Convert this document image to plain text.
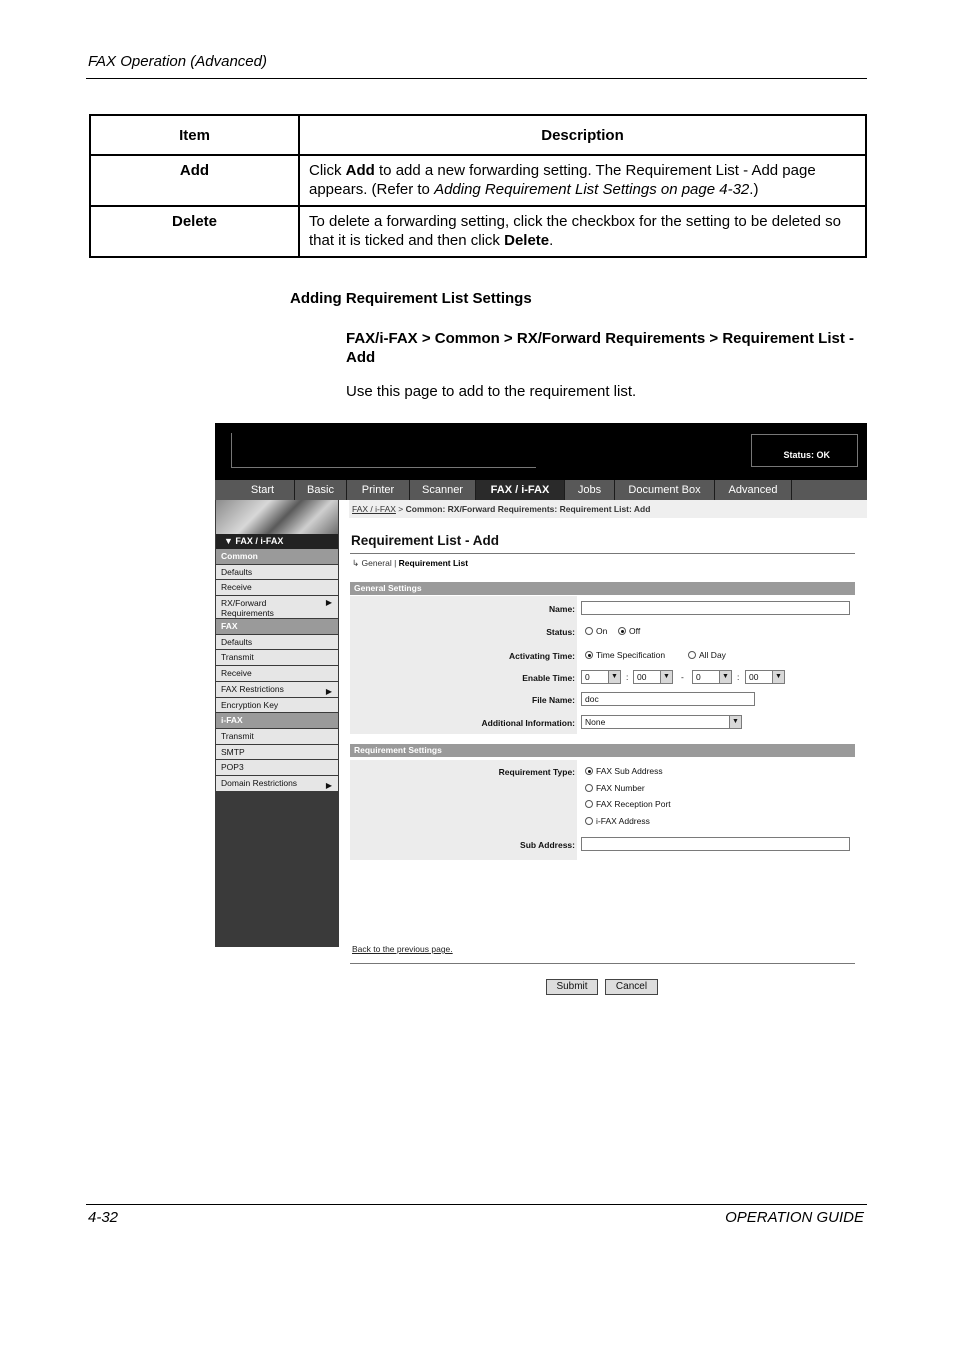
FAX Operation (Advanced)
Item	Description
Add	Click Add to add a new forwarding setting. The Requirement List - Add page appears. (Refer to Adding Requirement List Settings on page 4-32.)
Delete	To delete a forwarding setting, click the checkbox for the setting to be deleted so that it is ticked and then click Delete.
Adding Requirement List Settings
FAX/i-FAX > Common > RX/Forward Requirements > Requirement List - Add
Use this page to add to the requirement list.
Status: OK
Start	Basic	Printer	Scanner	FAX / i-FAX	Jobs	Document Box	Advanced
▼ FAX / i-FAX
Common
Defaults
Receive
RX/Forward Requirements
▶
FAX
Defaults
Transmit
Receive
FAX Restrictions	▶
Encryption Key
i-FAX
Transmit
SMTP
POP3
Domain Restrictions	▶
FAX / i-FAX > Common: RX/Forward Requirements: Requirement List: Add
Requirement List - Add
↳ General | Requirement List
General Settings
Name:
Status:	On	Off
Activating Time:	Time Specification	All Day
Enable Time:	0	▼ :	00	▼ -	0	▼ :	00	▼
File Name:	doc
Additional Information:	None	▼
Requirement Settings
Requirement Type:	FAX Sub Address
FAX Number
FAX Reception Port
i-FAX Address
Sub Address:
Back to the previous page.
Submit	Cancel
4-32	OPERATION GUIDE
